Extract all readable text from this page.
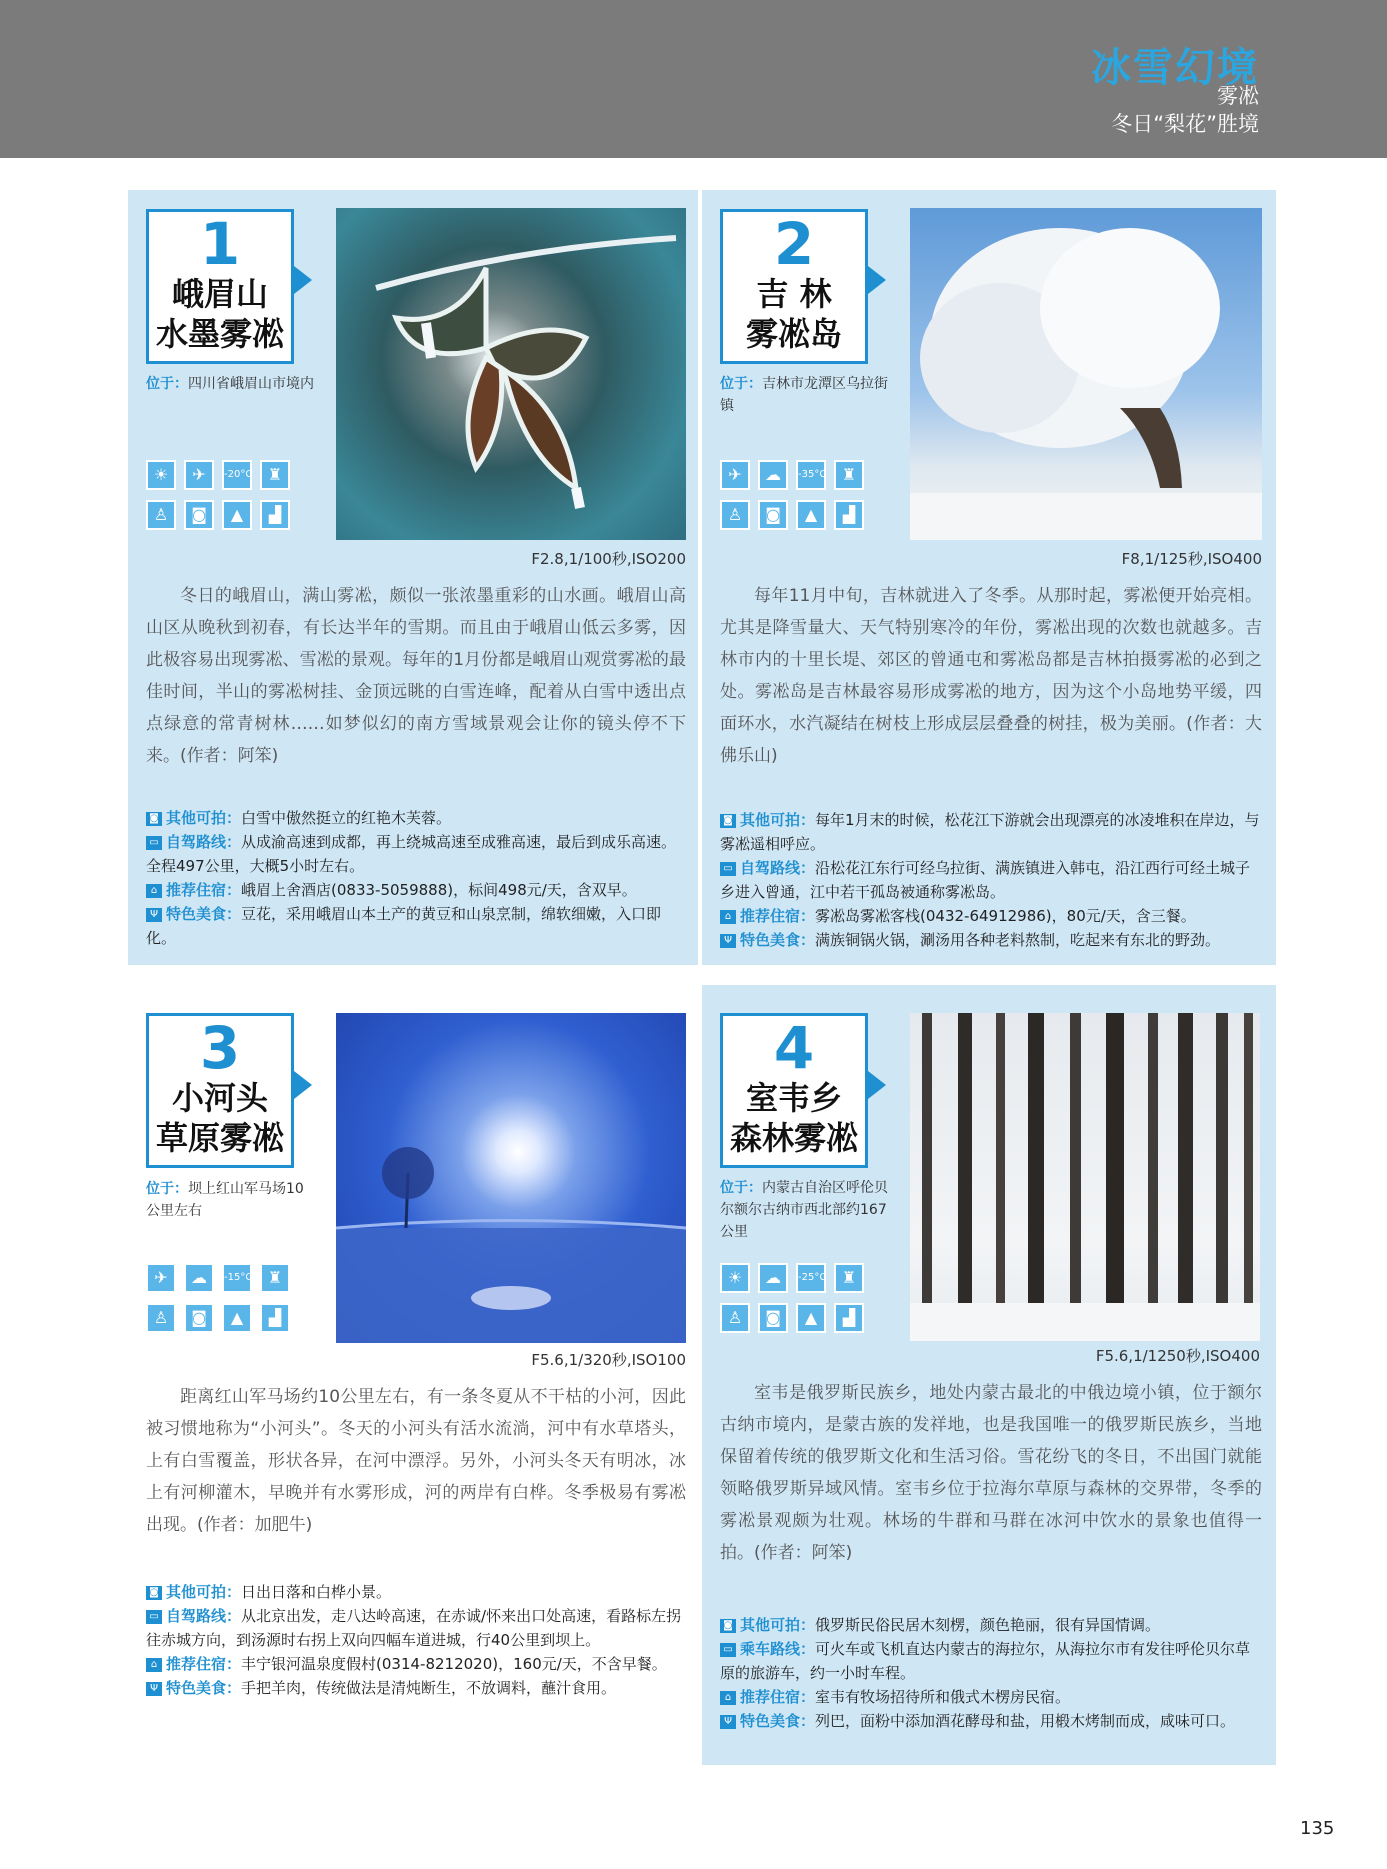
冰雪幻境
雾凇
冬日“梨花”胜境
1
峨眉山
水墨雾凇
位于：四川省峨眉山市境内
☀ ✈ -20°C ♜ ♙ ◙ ▲ ▟
F2.8,1/100秒,ISO200
冬日的峨眉山，满山雾凇，颇似一张浓墨重彩的山水画。峨眉山高山区从晚秋到初春，有长达半年的雪期。而且由于峨眉山低云多雾，因此极容易出现雾凇、雪凇的景观。每年的1月份都是峨眉山观赏雾凇的最佳时间，半山的雾凇树挂、金顶远眺的白雪连峰，配着从白雪中透出点点绿意的常青树林……如梦似幻的南方雪域景观会让你的镜头停不下来。(作者：阿笨)

◙ 其他可拍：白雪中傲然挺立的红艳木芙蓉。

▭ 自驾路线：从成渝高速到成都，再上绕城高速至成雅高速，最后到成乐高速。全程497公里，大概5小时左右。

⌂ 推荐住宿：峨眉上舍酒店(0833-5059888)，标间498元/天，含双早。

Ψ 特色美食：豆花，采用峨眉山本土产的黄豆和山泉烹制，绵软细嫩，入口即化。

2
吉 林
雾凇岛
位于：吉林市龙潭区乌拉街镇
✈ ☁ -35°C ♜ ♙ ◙ ▲ ▟
F8,1/125秒,ISO400
每年11月中旬，吉林就进入了冬季。从那时起，雾凇便开始亮相。尤其是降雪量大、天气特别寒冷的年份，雾凇出现的次数也就越多。吉林市内的十里长堤、郊区的曾通屯和雾凇岛都是吉林拍摄雾凇的必到之处。雾凇岛是吉林最容易形成雾凇的地方，因为这个小岛地势平缓，四面环水，水汽凝结在树枝上形成层层叠叠的树挂，极为美丽。(作者：大佛乐山)

◙ 其他可拍：每年1月末的时候，松花江下游就会出现漂亮的冰凌堆积在岸边，与雾凇遥相呼应。

▭ 自驾路线：沿松花江东行可经乌拉街、满族镇进入韩屯，沿江西行可经土城子乡进入曾通，江中若干孤岛被通称雾凇岛。

⌂ 推荐住宿：雾凇岛雾凇客栈(0432-64912986)，80元/天，含三餐。

Ψ 特色美食：满族铜锅火锅，涮汤用各种老料熬制，吃起来有东北的野劲。

3
小河头
草原雾凇
位于：坝上红山军马场10公里左右
✈ ☁ -15°C ♜ ♙ ◙ ▲ ▟
F5.6,1/320秒,ISO100
距离红山军马场约10公里左右，有一条冬夏从不干枯的小河，因此被习惯地称为“小河头”。冬天的小河头有活水流淌，河中有水草塔头，上有白雪覆盖，形状各异，在河中漂浮。另外，小河头冬天有明冰，冰上有河柳灌木，早晚并有水雾形成，河的两岸有白桦。冬季极易有雾凇出现。(作者：加肥牛)

◙ 其他可拍：日出日落和白桦小景。

▭ 自驾路线：从北京出发，走八达岭高速，在赤诚/怀来出口处高速，看路标左拐往赤城方向，到汤源时右拐上双向四幅车道进城，行40公里到坝上。

⌂ 推荐住宿：丰宁银河温泉度假村(0314-8212020)，160元/天，不含早餐。

Ψ 特色美食：手把羊肉，传统做法是清炖断生，不放调料，蘸汁食用。

4
室韦乡
森林雾凇
位于：内蒙古自治区呼伦贝尔额尔古纳市西北部约167公里
☀ ☁ -25°C ♜ ♙ ◙ ▲ ▟
F5.6,1/1250秒,ISO400
室韦是俄罗斯民族乡，地处内蒙古最北的中俄边境小镇，位于额尔古纳市境内，是蒙古族的发祥地，也是我国唯一的俄罗斯民族乡，当地保留着传统的俄罗斯文化和生活习俗。雪花纷飞的冬日，不出国门就能领略俄罗斯异域风情。室韦乡位于拉海尔草原与森林的交界带，冬季的雾凇景观颇为壮观。林场的牛群和马群在冰河中饮水的景象也值得一拍。(作者：阿笨)

◙ 其他可拍：俄罗斯民俗民居木刻楞，颜色艳丽，很有异国情调。

▭ 乘车路线：可火车或飞机直达内蒙古的海拉尔，从海拉尔市有发往呼伦贝尔草原的旅游车，约一小时车程。

⌂ 推荐住宿：室韦有牧场招待所和俄式木楞房民宿。

Ψ 特色美食：列巴，面粉中添加酒花酵母和盐，用椴木烤制而成，咸味可口。

135
